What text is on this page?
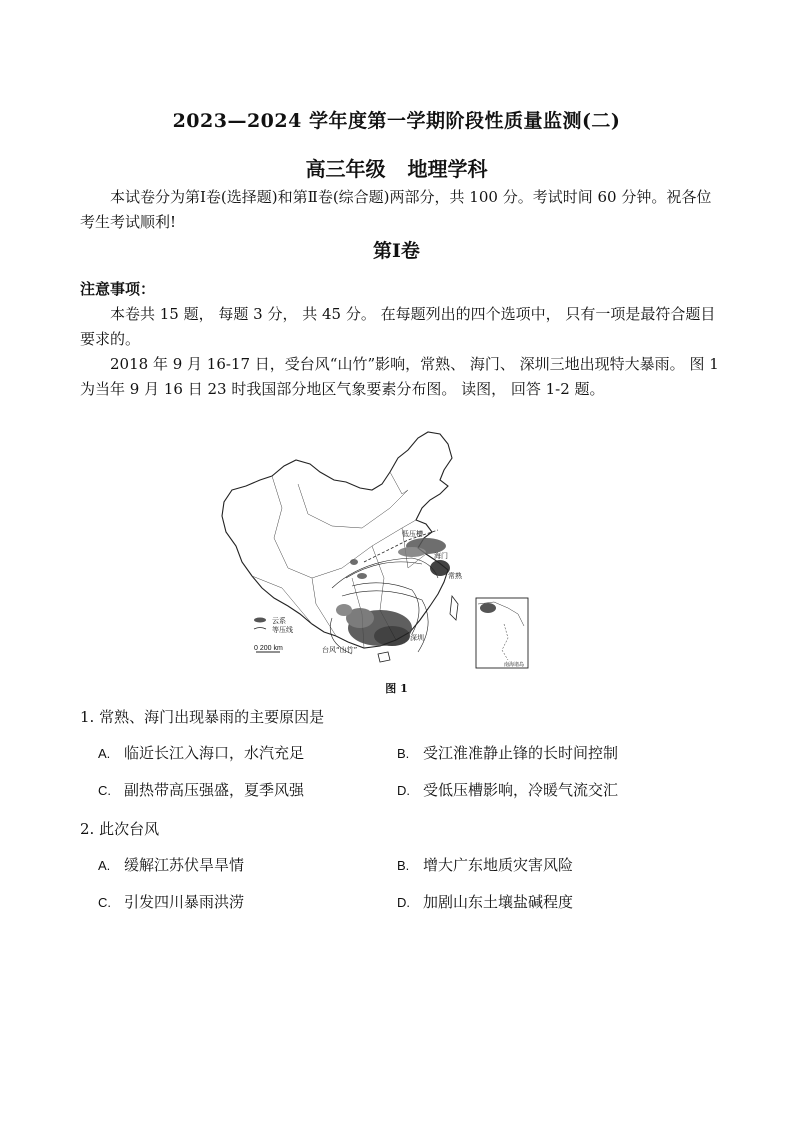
2023—2024 学年度第一学期阶段性质量监测(二)
高三年级 地理学科
本试卷分为第Ⅰ卷(选择题)和第Ⅱ卷(综合题)两部分，共 100 分。考试时间 60 分钟。祝各位考生考试顺利!
第Ⅰ卷
注意事项：
本卷共 15 题， 每题 3 分， 共 45 分。 在每题列出的四个选项中， 只有一项是最符合题目要求的。
2018 年 9 月 16-17 日，受台风“山竹”影响，常熟、 海门、 深圳三地出现特大暴雨。 图 1 为当年 9 月 16 日 23 时我国部分地区气象要素分布图。 读图， 回答 1-2 题。
低压槽
海门
常熟
深圳
台风“山竹”
云系
等压线
0 200 km
南海诸岛
图 1
1. 常熟、海门出现暴雨的主要原因是
A. 临近长江入海口，水汽充足	B. 受江淮准静止锋的长时间控制
C. 副热带高压强盛，夏季风强	D. 受低压槽影响，冷暖气流交汇
2. 此次台风
A. 缓解江苏伏旱旱情	B. 增大广东地质灾害风险
C. 引发四川暴雨洪涝	D. 加剧山东土壤盐碱程度
